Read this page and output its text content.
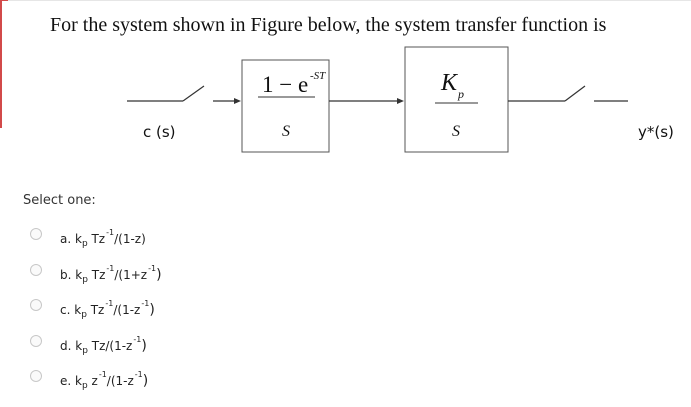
For the system shown in Figure below, the system transfer function is
1 − e -ST
S
K p
S
c (s)	y*(s)
Select one:
a. $k_p$ $Tz^{-1}/(1-z)$
b. $k_p$ $Tz^{-1}/(1+z^{-1})$
c. $k_p$ $Tz^{-1}/(1-z^{-1})$
d. $k_p$ $Tz/(1-z^{-1})$
e. $k_p$ $z^{-1}/(1-z^{-1})$
